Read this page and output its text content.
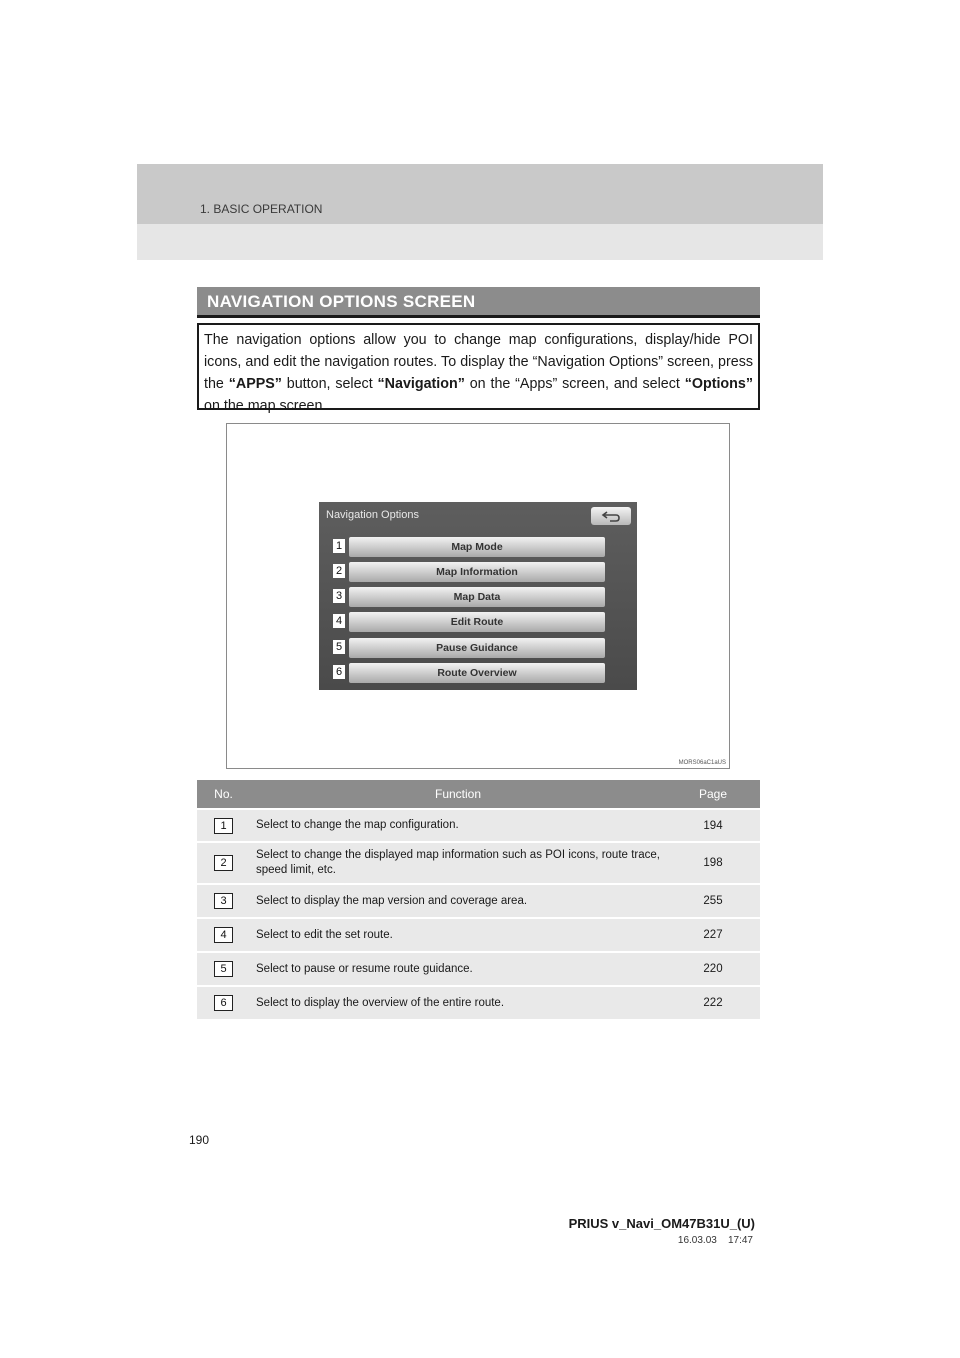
1. BASIC OPERATION
NAVIGATION OPTIONS SCREEN
The navigation options allow you to change map configurations, display/hide POI icons, and edit the navigation routes. To display the “Navigation Options” screen, press the “APPS” button, select “Navigation” on the “Apps” screen, and select “Options” on the map screen.
Navigation Options
1	Map Mode
2	Map Information
3	Map Data
4	Edit Route
5	Pause Guidance
6	Route Overview
MORS06aC1aUS
No.	Function	Page
1	Select to change the map configuration.	194
2	Select to change the displayed map information such as POI icons, route trace, speed limit, etc.	198
3	Select to display the map version and coverage area.	255
4	Select to edit the set route.	227
5	Select to pause or resume route guidance.	220
6	Select to display the overview of the entire route.	222
190
PRIUS v_Navi_OM47B31U_(U)
16.03.03 17:47
